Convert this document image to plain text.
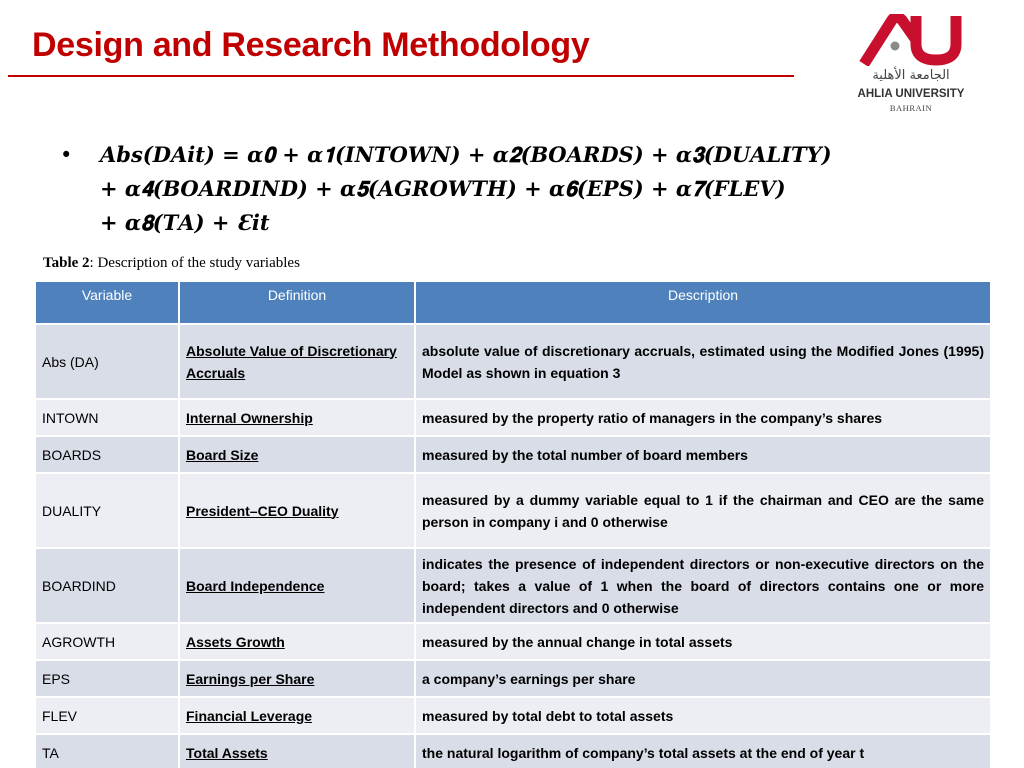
Design and Research Methodology
الجامعة الأهلية
AHLIA UNIVERSITY
BAHRAIN
•	𝑨𝒃𝒔(𝑫𝑨𝒊𝒕) = 𝜶𝟎 + 𝜶𝟏(𝑰𝑵𝑻𝑶𝑾𝑵) + 𝜶𝟐(𝑩𝑶𝑨𝑹𝑫𝑺) + 𝜶𝟑(𝑫𝑼𝑨𝑳𝑰𝑻𝒀)
+ 𝜶𝟒(𝑩𝑶𝑨𝑹𝑫𝑰𝑵𝑫) + 𝜶𝟓(𝑨𝑮𝑹𝑶𝑾𝑻𝑯) + 𝜶𝟔(𝑬𝑷𝑺) + 𝜶𝟕(𝑭𝑳𝑬𝑽)
+ 𝜶𝟖(𝑻𝑨) + Ɛ𝒊𝒕
Table 2: Description of the study variables
Variable	Definition	Description
Abs (DA)	Absolute Value of Discretionary Accruals	absolute value of discretionary accruals, estimated using the Modified Jones (1995) Model as shown in equation 3
INTOWN	Internal Ownership	measured by the property ratio of managers in the company’s shares
BOARDS	Board Size	measured by the total number of board members
DUALITY	President–CEO Duality	measured by a dummy variable equal to 1 if the chairman and CEO are the same person in company i and 0 otherwise
BOARDIND	Board Independence	indicates the presence of independent directors or non-executive directors on the board; takes a value of 1 when the board of directors contains one or more independent directors and 0 otherwise
AGROWTH	Assets Growth	measured by the annual change in total assets
EPS	Earnings per Share	a company’s earnings per share
FLEV	Financial Leverage	measured by total debt to total assets
TA	Total Assets	the natural logarithm of company’s total assets at the end of year t
